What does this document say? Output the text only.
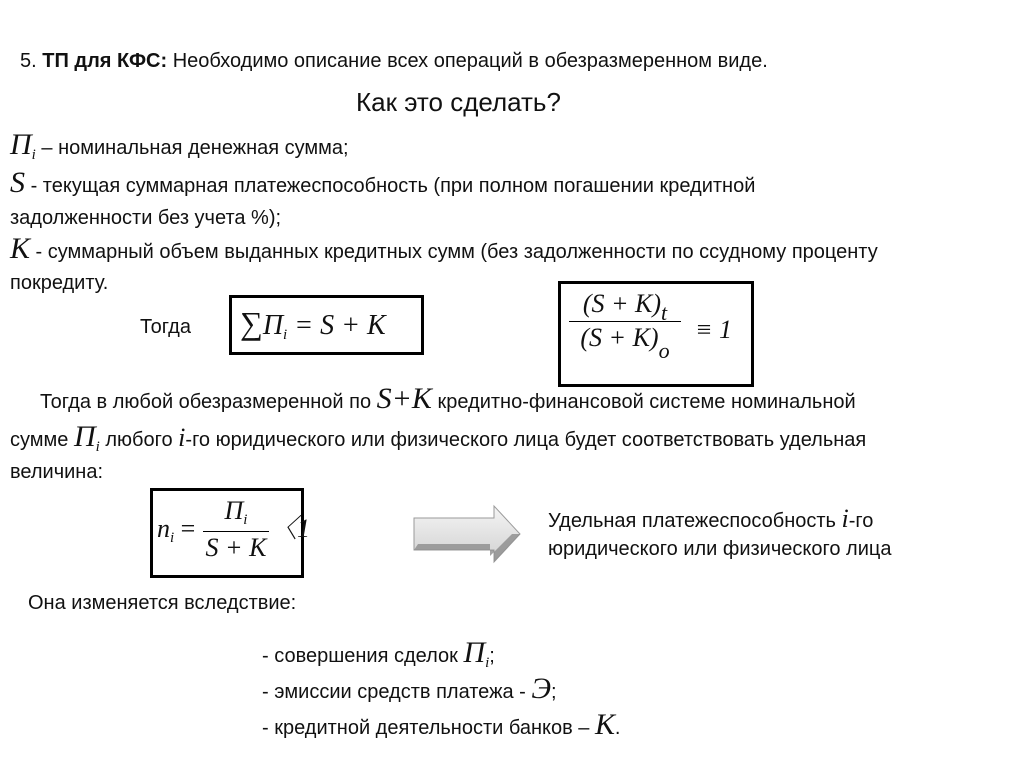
5. ТП для КФС: Необходимо описание всех операций в обезразмеренном виде.
Как это сделать?
$П_i$ – номинальная денежная сумма;
S - текущая суммарная платежеспособность (при полном погашении кредитной
задолженности без учета %);
К - суммарный объем выданных кредитных сумм (без задолженности по ссудному проценту
покредиту.
Тогда ∑Пi = S + K
$(S + K)_t$
$(S + K)_o$
≡ 1
Тогда в любой обезразмеренной по S+K кредитно-финансовой системе номинальной
сумме $П_i$ любого i-го юридического или физического лица будет соответствовать удельная
величина:
ni =
Пi
S + K
〈1	Удельная платежеспособность i-го
юридического или физического лица
Она изменяется вследствие:
- совершения сделок $П_i$;
- эмиссии средств платежа - Э;
- кредитной деятельности банков – К.
